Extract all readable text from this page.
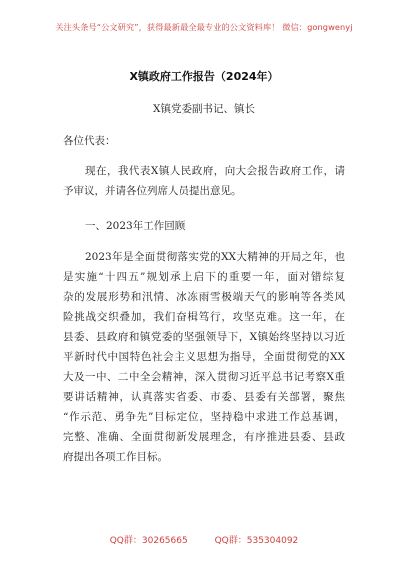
关注头条号“公文研究”，获得最新最全最专业的公文资料库！ 微信：gongwenyj
X镇政府工作报告（2024年）
X镇党委副书记、镇长
各位代表：
现在，我代表X镇人民政府，向大会报告政府工作，请
予审议，并请各位列席人员提出意见。
一、2023年工作回顾
2023年是全面贯彻落实党的XX大精神的开局之年，也
是实施“十四五”规划承上启下的重要一年，面对错综复
杂的发展形势和汛情、冰冻雨雪极端天气的影响等各类风
险挑战交织叠加，我们奋楫笃行，攻坚克难。这一年，在
县委、县政府和镇党委的坚强领导下，X镇始终坚持以习近
平新时代中国特色社会主义思想为指导，全面贯彻党的XX
大及一中、二中全会精神，深入贯彻习近平总书记考察X重
要讲话精神，认真落实省委、市委、县委有关部署，聚焦
“作示范、勇争先”目标定位，坚持稳中求进工作总基调，
完整、准确、全面贯彻新发展理念，有序推进县委、县政
府提出各项工作目标。
QQ群：30265665	QQ群：535304092
